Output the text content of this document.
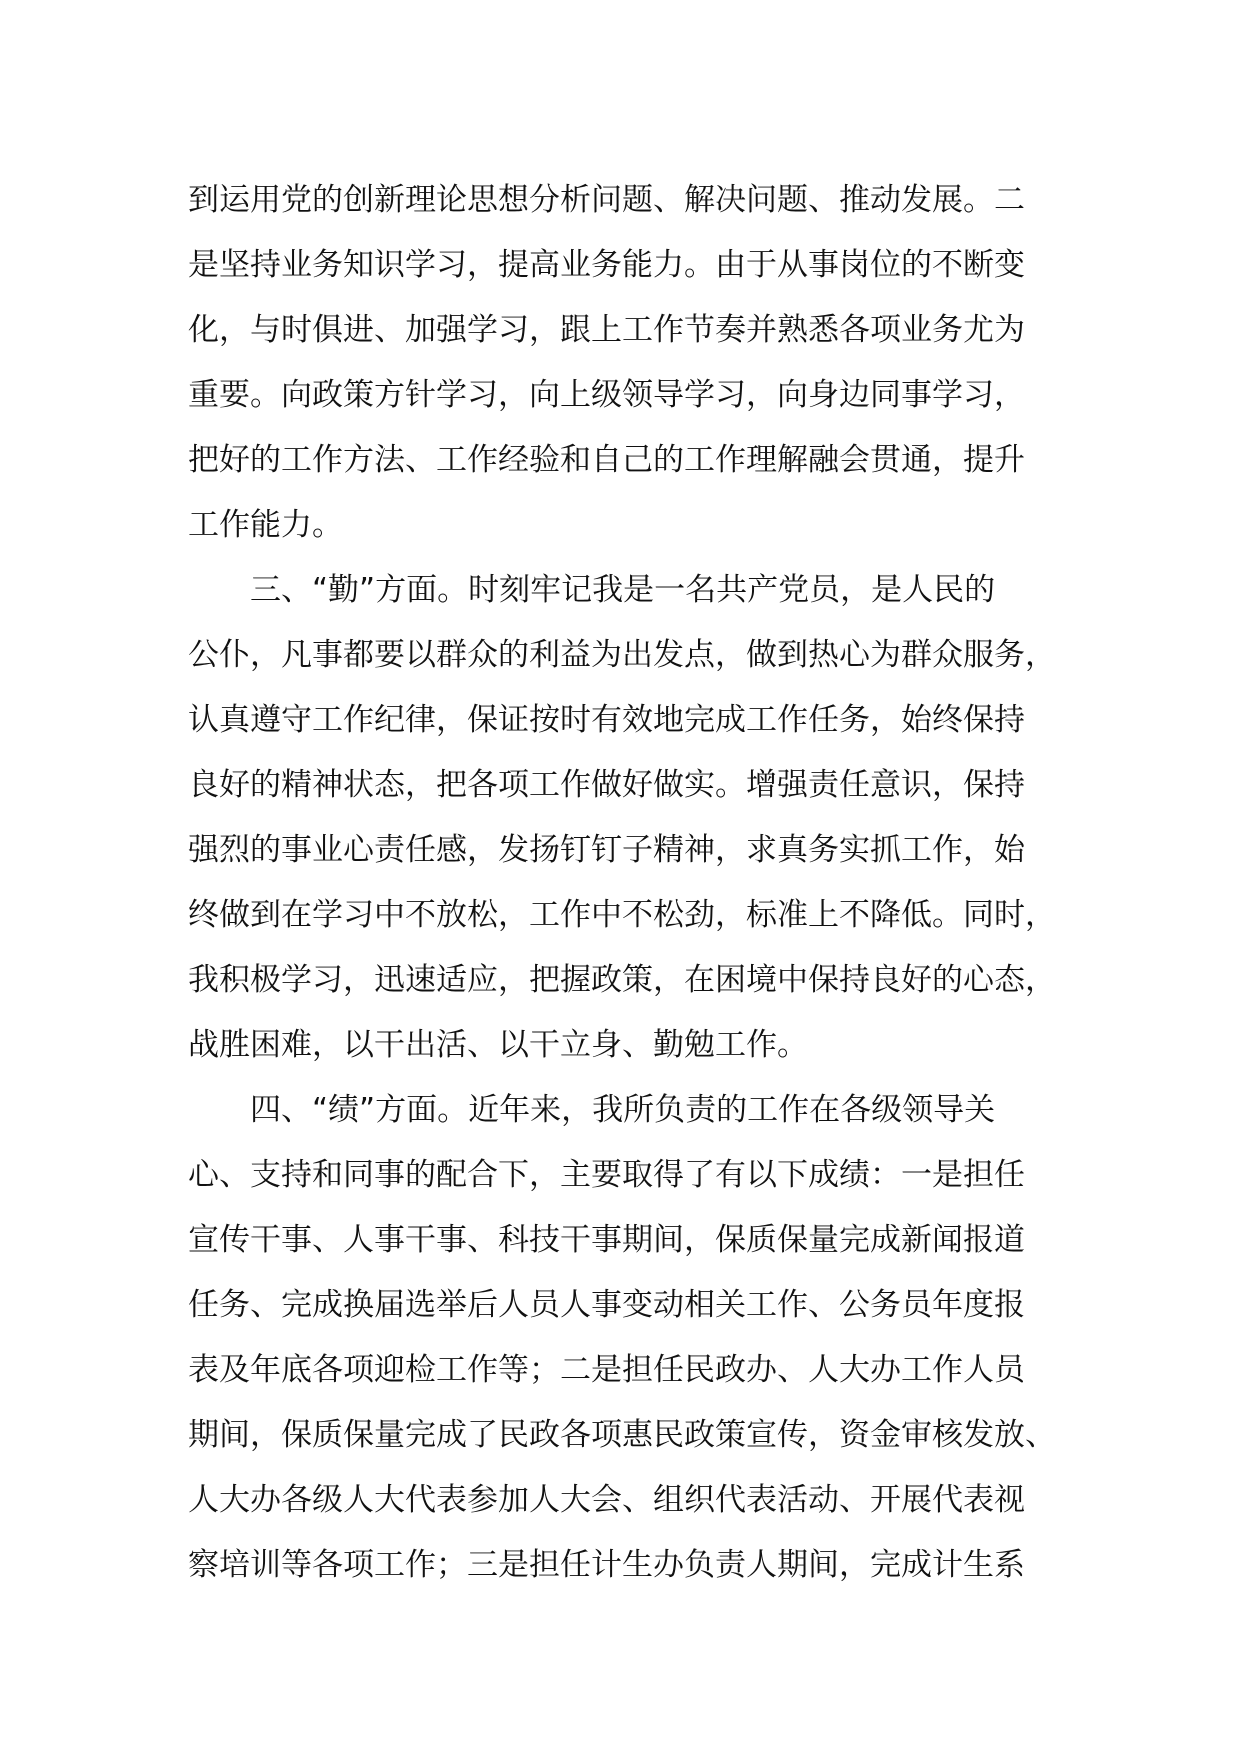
到运用党的创新理论思想分析问题、解决问题、推动发展。二

是坚持业务知识学习，提高业务能力。由于从事岗位的不断变

化，与时俱进、加强学习，跟上工作节奏并熟悉各项业务尤为

重要。向政策方针学习，向上级领导学习，向身边同事学习，

把好的工作方法、工作经验和自己的工作理解融会贯通，提升

工作能力。

三、“勤”方面。时刻牢记我是一名共产党员，是人民的

公仆，凡事都要以群众的利益为出发点，做到热心为群众服务，

认真遵守工作纪律，保证按时有效地完成工作任务，始终保持

良好的精神状态，把各项工作做好做实。增强责任意识，保持

强烈的事业心责任感，发扬钉钉子精神，求真务实抓工作，始

终做到在学习中不放松，工作中不松劲，标准上不降低。同时，

我积极学习，迅速适应，把握政策，在困境中保持良好的心态，

战胜困难，以干出活、以干立身、勤勉工作。

四、“绩”方面。近年来，我所负责的工作在各级领导关

心、支持和同事的配合下，主要取得了有以下成绩：一是担任

宣传干事、人事干事、科技干事期间，保质保量完成新闻报道

任务、完成换届选举后人员人事变动相关工作、公务员年度报

表及年底各项迎检工作等；二是担任民政办、人大办工作人员

期间，保质保量完成了民政各项惠民政策宣传，资金审核发放、

人大办各级人大代表参加人大会、组织代表活动、开展代表视

察培训等各项工作；三是担任计生办负责人期间，完成计生系
